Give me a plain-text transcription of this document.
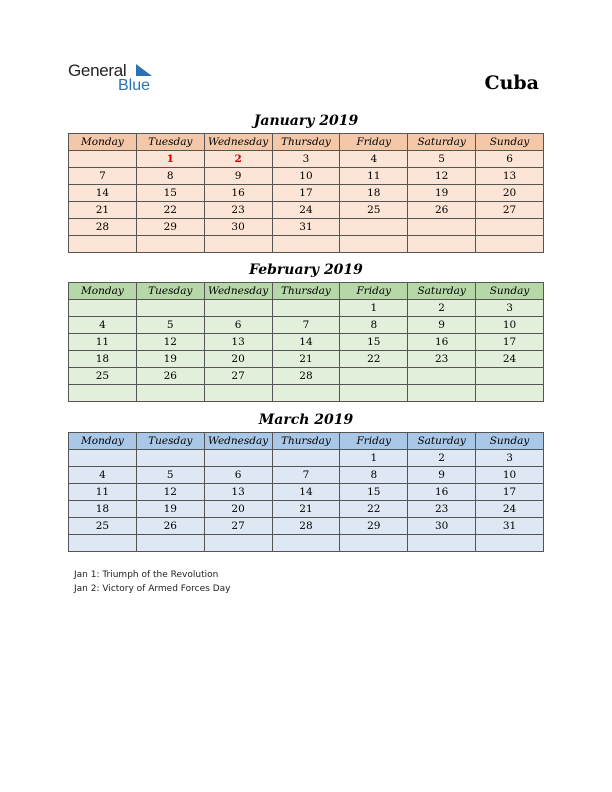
General
Blue	Cuba
January 2019
Monday	Tuesday	Wednesday	Thursday	Friday	Saturday	Sunday
	1	2	3	4	5	6
7	8	9	10	11	12	13
14	15	16	17	18	19	20
21	22	23	24	25	26	27
28	29	30	31			

February 2019
Monday	Tuesday	Wednesday	Thursday	Friday	Saturday	Sunday
				1	2	3
4	5	6	7	8	9	10
11	12	13	14	15	16	17
18	19	20	21	22	23	24
25	26	27	28			

March 2019
Monday	Tuesday	Wednesday	Thursday	Friday	Saturday	Sunday
				1	2	3
4	5	6	7	8	9	10
11	12	13	14	15	16	17
18	19	20	21	22	23	24
25	26	27	28	29	30	31

Jan 1: Triumph of the Revolution
Jan 2: Victory of Armed Forces Day
